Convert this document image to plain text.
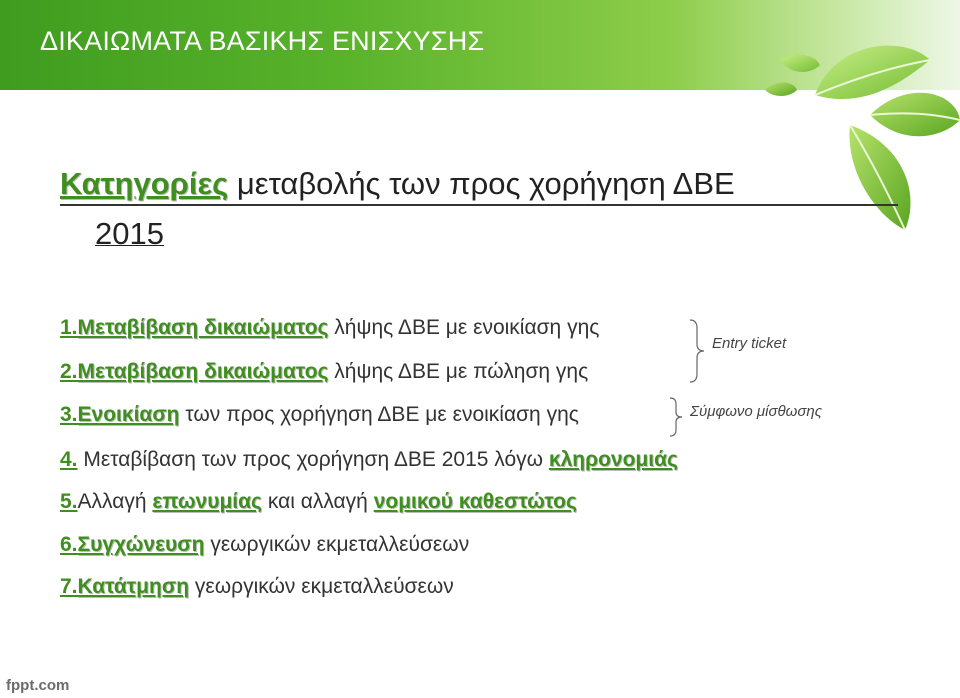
ΔΙΚΑΙΩΜΑΤΑ ΒΑΣΙΚΗΣ ΕΝΙΣΧΥΣΗΣ
Κατηγορίες μεταβολής των προς χορήγηση ΔΒΕ
2015
1.Μεταβίβαση δικαιώματος λήψης ΔΒΕ με ενοικίαση γης
2.Μεταβίβαση δικαιώματος λήψης ΔΒΕ με πώληση γης
3.Ενοικίαση των προς χορήγηση ΔΒΕ με ενοικίαση γης
4. Μεταβίβαση των προς χορήγηση ΔΒΕ 2015 λόγω κληρονομιάς
5.Αλλαγή επωνυμίας και αλλαγή νομικού καθεστώτος
6.Συγχώνευση γεωργικών εκμεταλλεύσεων
7.Κατάτμηση γεωργικών εκμεταλλεύσεων
Entry ticket
Σύμφωνο μίσθωσης
fppt.com
